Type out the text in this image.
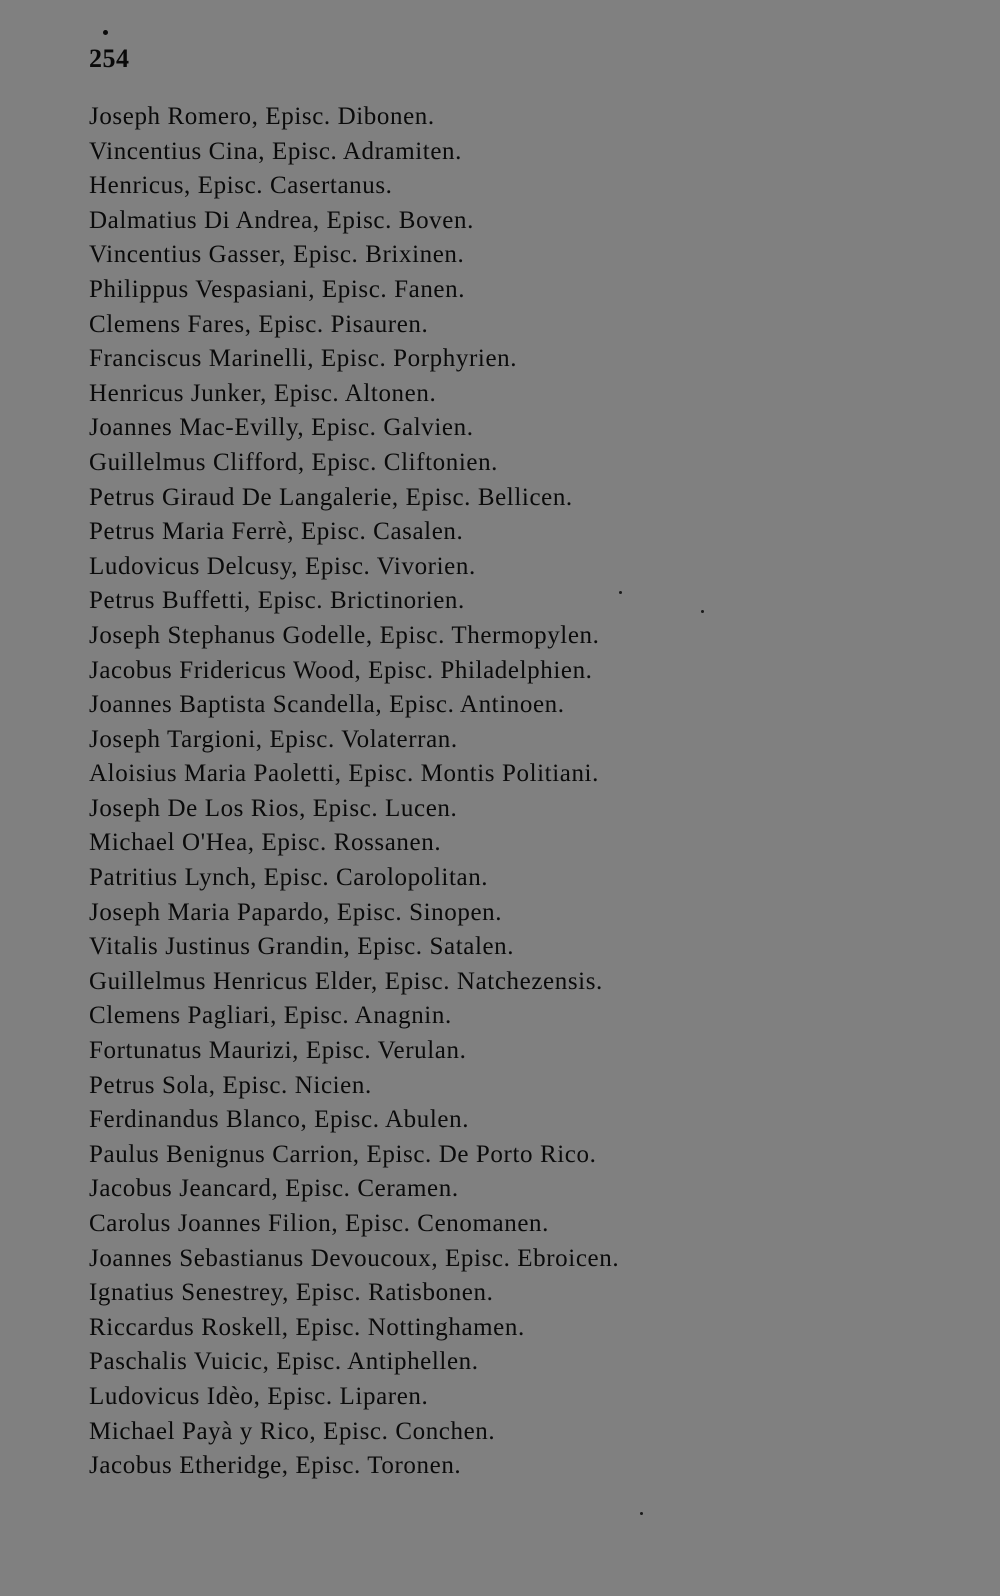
254
Joseph Romero, Episc. Dibonen.
Vincentius Cina, Episc. Adramiten.
Henricus, Episc. Casertanus.
Dalmatius Di Andrea, Episc. Boven.
Vincentius Gasser, Episc. Brixinen.
Philippus Vespasiani, Episc. Fanen.
Clemens Fares, Episc. Pisauren.
Franciscus Marinelli, Episc. Porphyrien.
Henricus Junker, Episc. Altonen.
Joannes Mac-Evilly, Episc. Galvien.
Guillelmus Clifford, Episc. Cliftonien.
Petrus Giraud De Langalerie, Episc. Bellicen.
Petrus Maria Ferrè, Episc. Casalen.
Ludovicus Delcusy, Episc. Vivorien.
Petrus Buffetti, Episc. Brictinorien.
Joseph Stephanus Godelle, Episc. Thermopylen.
Jacobus Fridericus Wood, Episc. Philadelphien.
Joannes Baptista Scandella, Episc. Antinoen.
Joseph Targioni, Episc. Volaterran.
Aloisius Maria Paoletti, Episc. Montis Politiani.
Joseph De Los Rios, Episc. Lucen.
Michael O'Hea, Episc. Rossanen.
Patritius Lynch, Episc. Carolopolitan.
Joseph Maria Papardo, Episc. Sinopen.
Vitalis Justinus Grandin, Episc. Satalen.
Guillelmus Henricus Elder, Episc. Natchezensis.
Clemens Pagliari, Episc. Anagnin.
Fortunatus Maurizi, Episc. Verulan.
Petrus Sola, Episc. Nicien.
Ferdinandus Blanco, Episc. Abulen.
Paulus Benignus Carrion, Episc. De Porto Rico.
Jacobus Jeancard, Episc. Ceramen.
Carolus Joannes Filion, Episc. Cenomanen.
Joannes Sebastianus Devoucoux, Episc. Ebroicen.
Ignatius Senestrey, Episc. Ratisbonen.
Riccardus Roskell, Episc. Nottinghamen.
Paschalis Vuicic, Episc. Antiphellen.
Ludovicus Idèo, Episc. Liparen.
Michael Payà y Rico, Episc. Conchen.
Jacobus Etheridge, Episc. Toronen.
